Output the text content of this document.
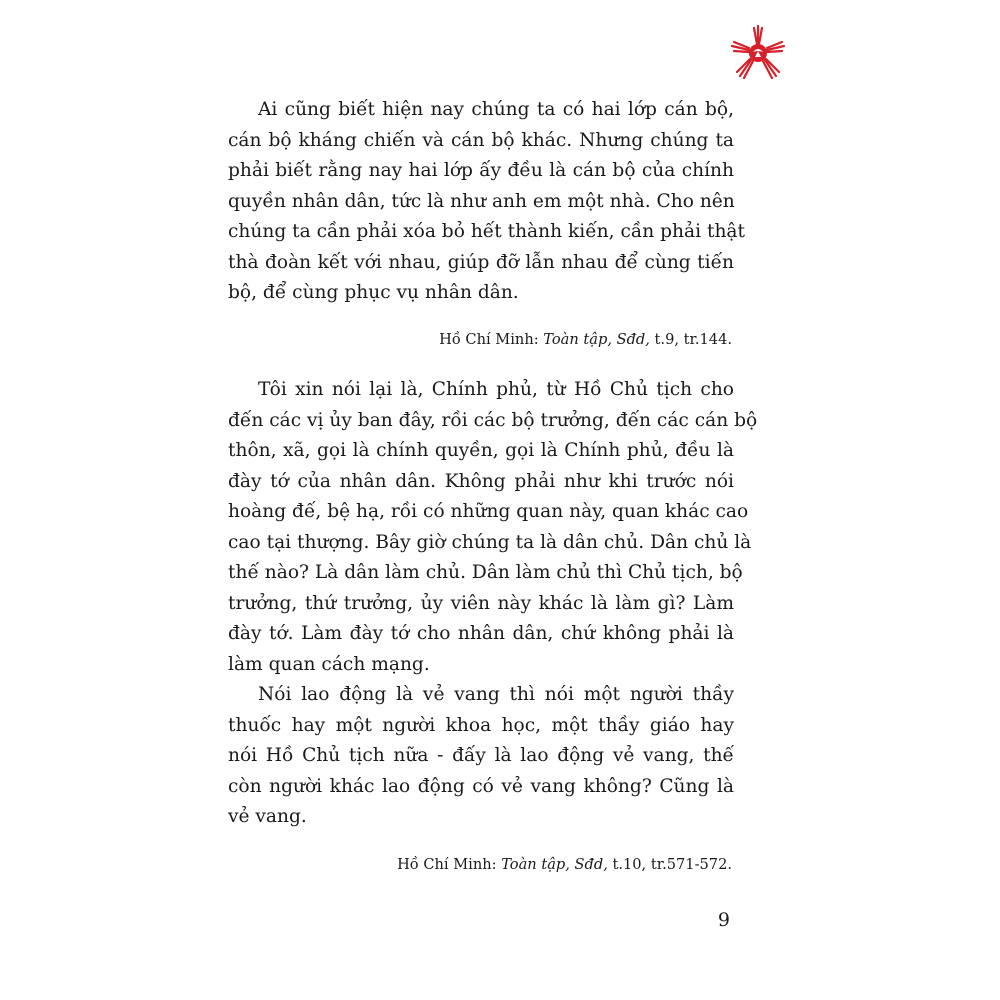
Ai cũng biết hiện nay chúng ta có hai lớp cán bộ,
cán bộ kháng chiến và cán bộ khác. Nhưng chúng ta
phải biết rằng nay hai lớp ấy đều là cán bộ của chính
quyền nhân dân, tức là như anh em một nhà. Cho nên
chúng ta cần phải xóa bỏ hết thành kiến, cần phải thật
thà đoàn kết với nhau, giúp đỡ lẫn nhau để cùng tiến
bộ, để cùng phục vụ nhân dân.

Hồ Chí Minh: Toàn tập, Sđd, t.9, tr.144.

Tôi xin nói lại là, Chính phủ, từ Hồ Chủ tịch cho
đến các vị ủy ban đây, rồi các bộ trưởng, đến các cán bộ
thôn, xã, gọi là chính quyền, gọi là Chính phủ, đều là
đày tớ của nhân dân. Không phải như khi trước nói
hoàng đế, bệ hạ, rồi có những quan này, quan khác cao
cao tại thượng. Bây giờ chúng ta là dân chủ. Dân chủ là
thế nào? Là dân làm chủ. Dân làm chủ thì Chủ tịch, bộ
trưởng, thứ trưởng, ủy viên này khác là làm gì? Làm
đày tớ. Làm đày tớ cho nhân dân, chứ không phải là
làm quan cách mạng.

Nói lao động là vẻ vang thì nói một người thầy
thuốc hay một người khoa học, một thầy giáo hay
nói Hồ Chủ tịch nữa - đấy là lao động vẻ vang, thế
còn người khác lao động có vẻ vang không? Cũng là
vẻ vang.

Hồ Chí Minh: Toàn tập, Sđd, t.10, tr.571-572.
9
